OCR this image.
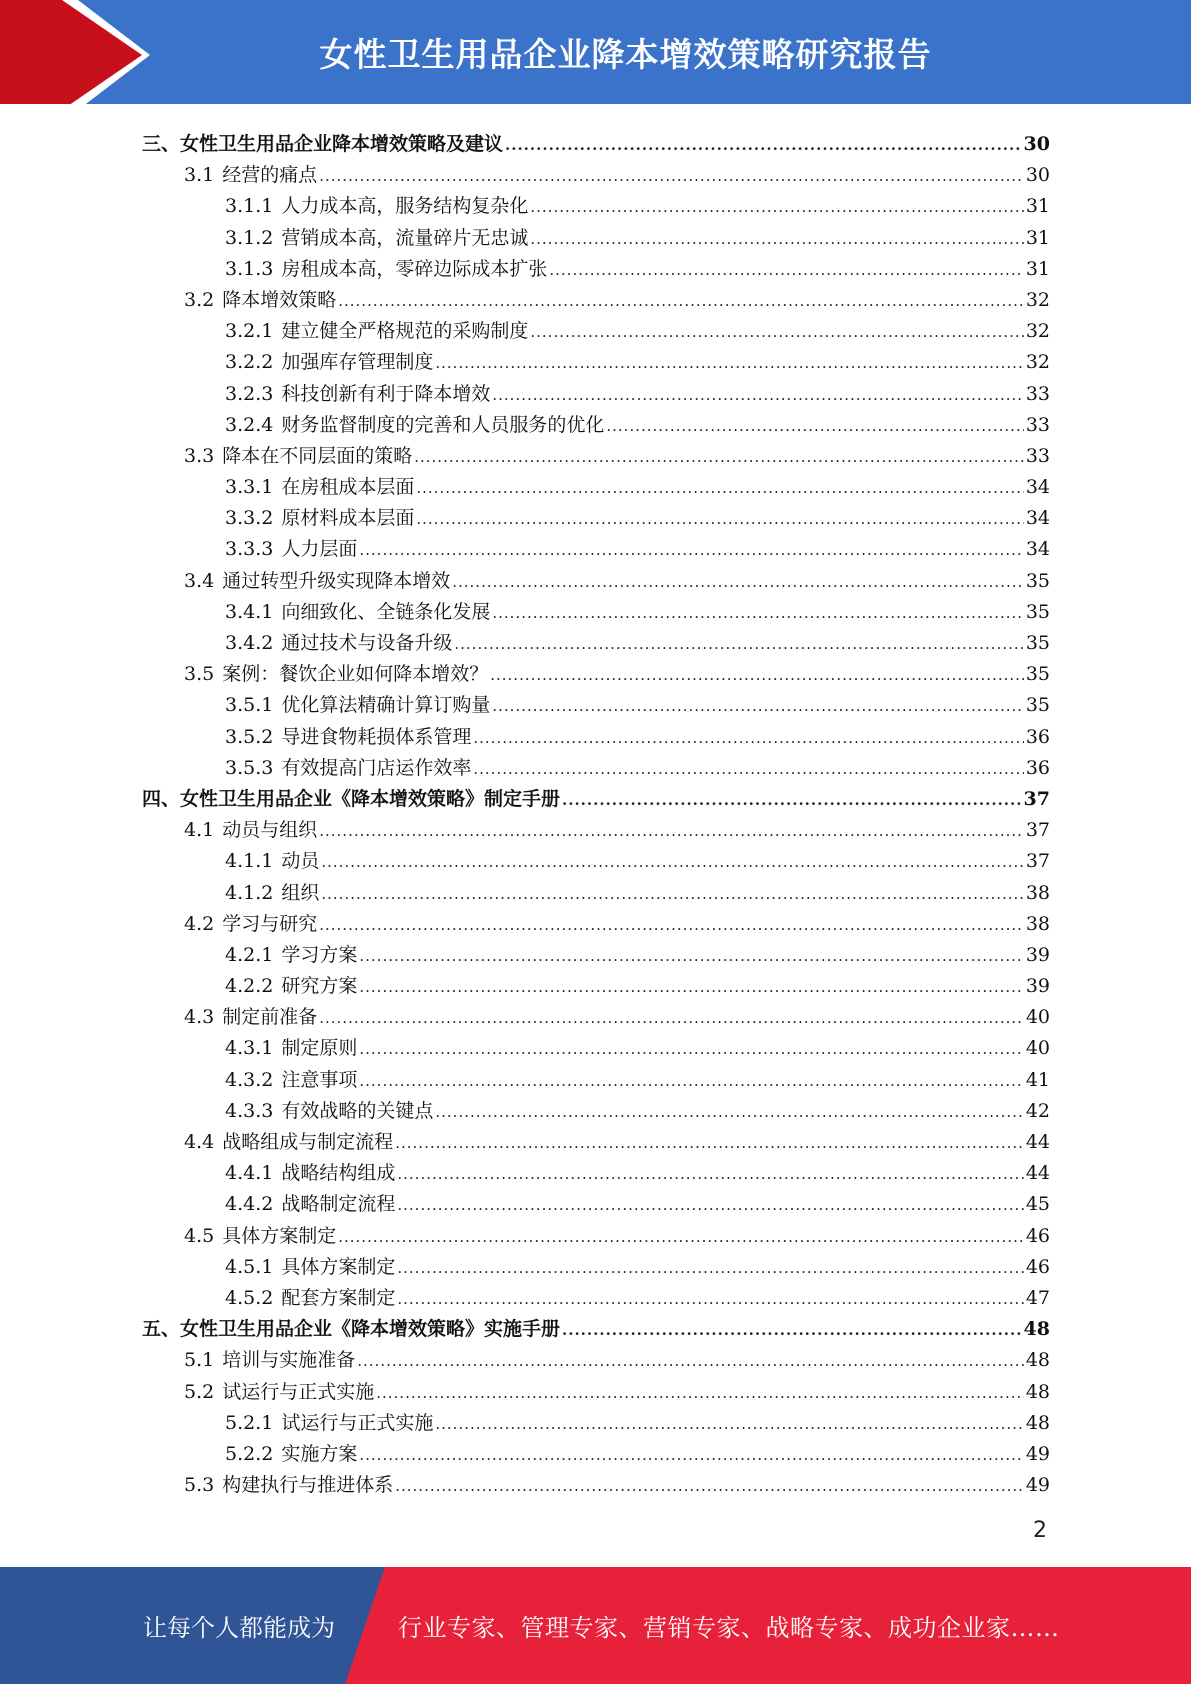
女性卫生用品企业降本增效策略研究报告
三、女性卫生用品企业降本增效策略及建议 .....	30
3.1 经营的痛点 .....	30
3.1.1 人力成本高，服务结构复杂化 .....	31
3.1.2 营销成本高，流量碎片无忠诚 .....	31
3.1.3 房租成本高，零碎边际成本扩张 .....	31
3.2 降本增效策略 .....	32
3.2.1 建立健全严格规范的采购制度 .....	32
3.2.2 加强库存管理制度 .....	32
3.2.3 科技创新有利于降本增效 .....	33
3.2.4 财务监督制度的完善和人员服务的优化 .....	33
3.3 降本在不同层面的策略 .....	33
3.3.1 在房租成本层面 .....	34
3.3.2 原材料成本层面 .....	34
3.3.3 人力层面 .....	34
3.4 通过转型升级实现降本增效 .....	35
3.4.1 向细致化、全链条化发展 .....	35
3.4.2 通过技术与设备升级 .....	35
3.5 案例：餐饮企业如何降本增效？ .....	35
3.5.1 优化算法精确计算订购量 .....	35
3.5.2 导进食物耗损体系管理 .....	36
3.5.3 有效提高门店运作效率 .....	36
四、女性卫生用品企业《降本增效策略》制定手册 .....	37
4.1 动员与组织 .....	37
4.1.1 动员 .....	37
4.1.2 组织 .....	38
4.2 学习与研究 .....	38
4.2.1 学习方案 .....	39
4.2.2 研究方案 .....	39
4.3 制定前准备 .....	40
4.3.1 制定原则 .....	40
4.3.2 注意事项 .....	41
4.3.3 有效战略的关键点 .....	42
4.4 战略组成与制定流程 .....	44
4.4.1 战略结构组成 .....	44
4.4.2 战略制定流程 .....	45
4.5 具体方案制定 .....	46
4.5.1 具体方案制定 .....	46
4.5.2 配套方案制定 .....	47
五、女性卫生用品企业《降本增效策略》实施手册 .....	48
5.1 培训与实施准备 .....	48
5.2 试运行与正式实施 .....	48
5.2.1 试运行与正式实施 .....	48
5.2.2 实施方案 .....	49
5.3 构建执行与推进体系 .....	49
2
让每个人都能成为	行业专家、管理专家、营销专家、战略专家、成功企业家……
